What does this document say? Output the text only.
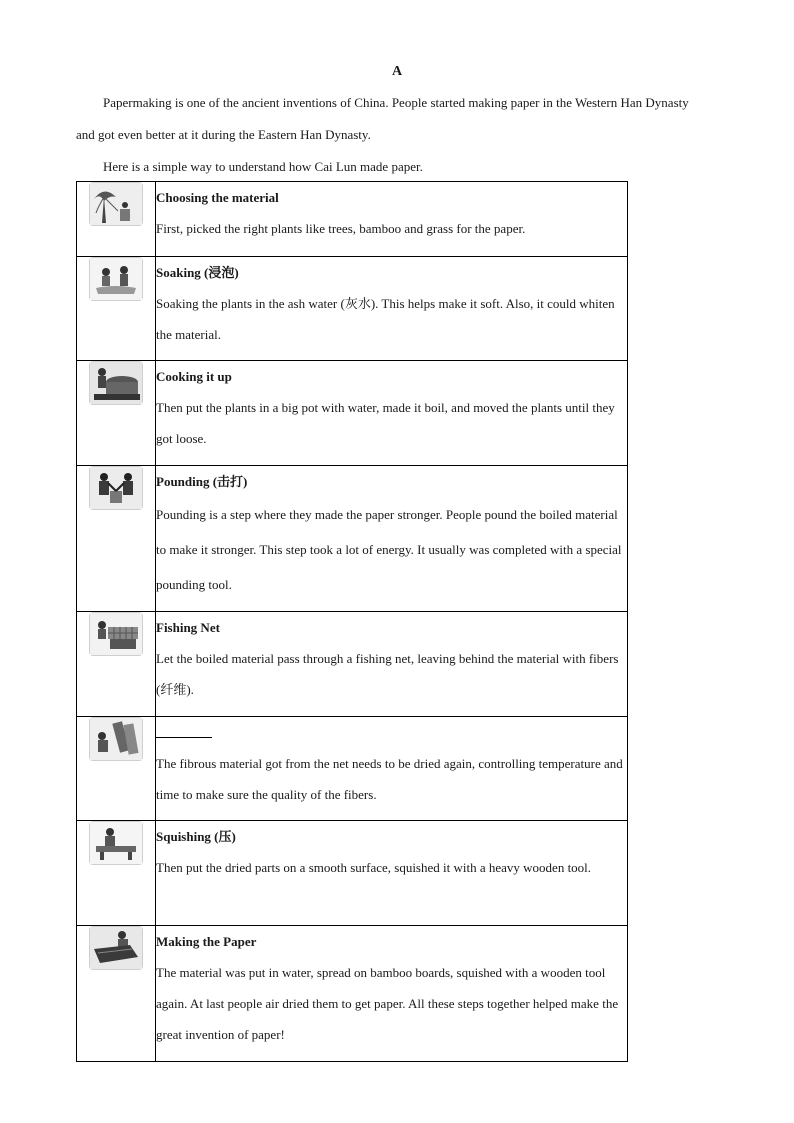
A
Papermaking is one of the ancient inventions of China. People started making paper in the Western Han Dynasty and got even better at it during the Eastern Han Dynasty.
Here is a simple way to understand how Cai Lun made paper.

Choosing the material
First, picked the right plants like trees, bamboo and grass for the paper.

Soaking (浸泡)
Soaking the plants in the ash water (灰水). This helps make it soft. Also, it could whiten the material.

Cooking it up
Then put the plants in a big pot with water, made it boil, and moved the plants until they got loose.

Pounding (击打)
Pounding is a step where they made the paper stronger. People pound the boiled material to make it stronger. This step took a lot of energy. It usually was completed with a special pounding tool.

Fishing Net
Let the boiled material pass through a fishing net, leaving behind the material with fibers (纤维).

The fibrous material got from the net needs to be dried again, controlling temperature and time to make sure the quality of the fibers.

Squishing (压)
Then put the dried parts on a smooth surface, squished it with a heavy wooden tool.

Making the Paper
The material was put in water, spread on bamboo boards, squished with a wooden tool again. At last people air dried them to get paper. All these steps together helped make the great invention of paper!
